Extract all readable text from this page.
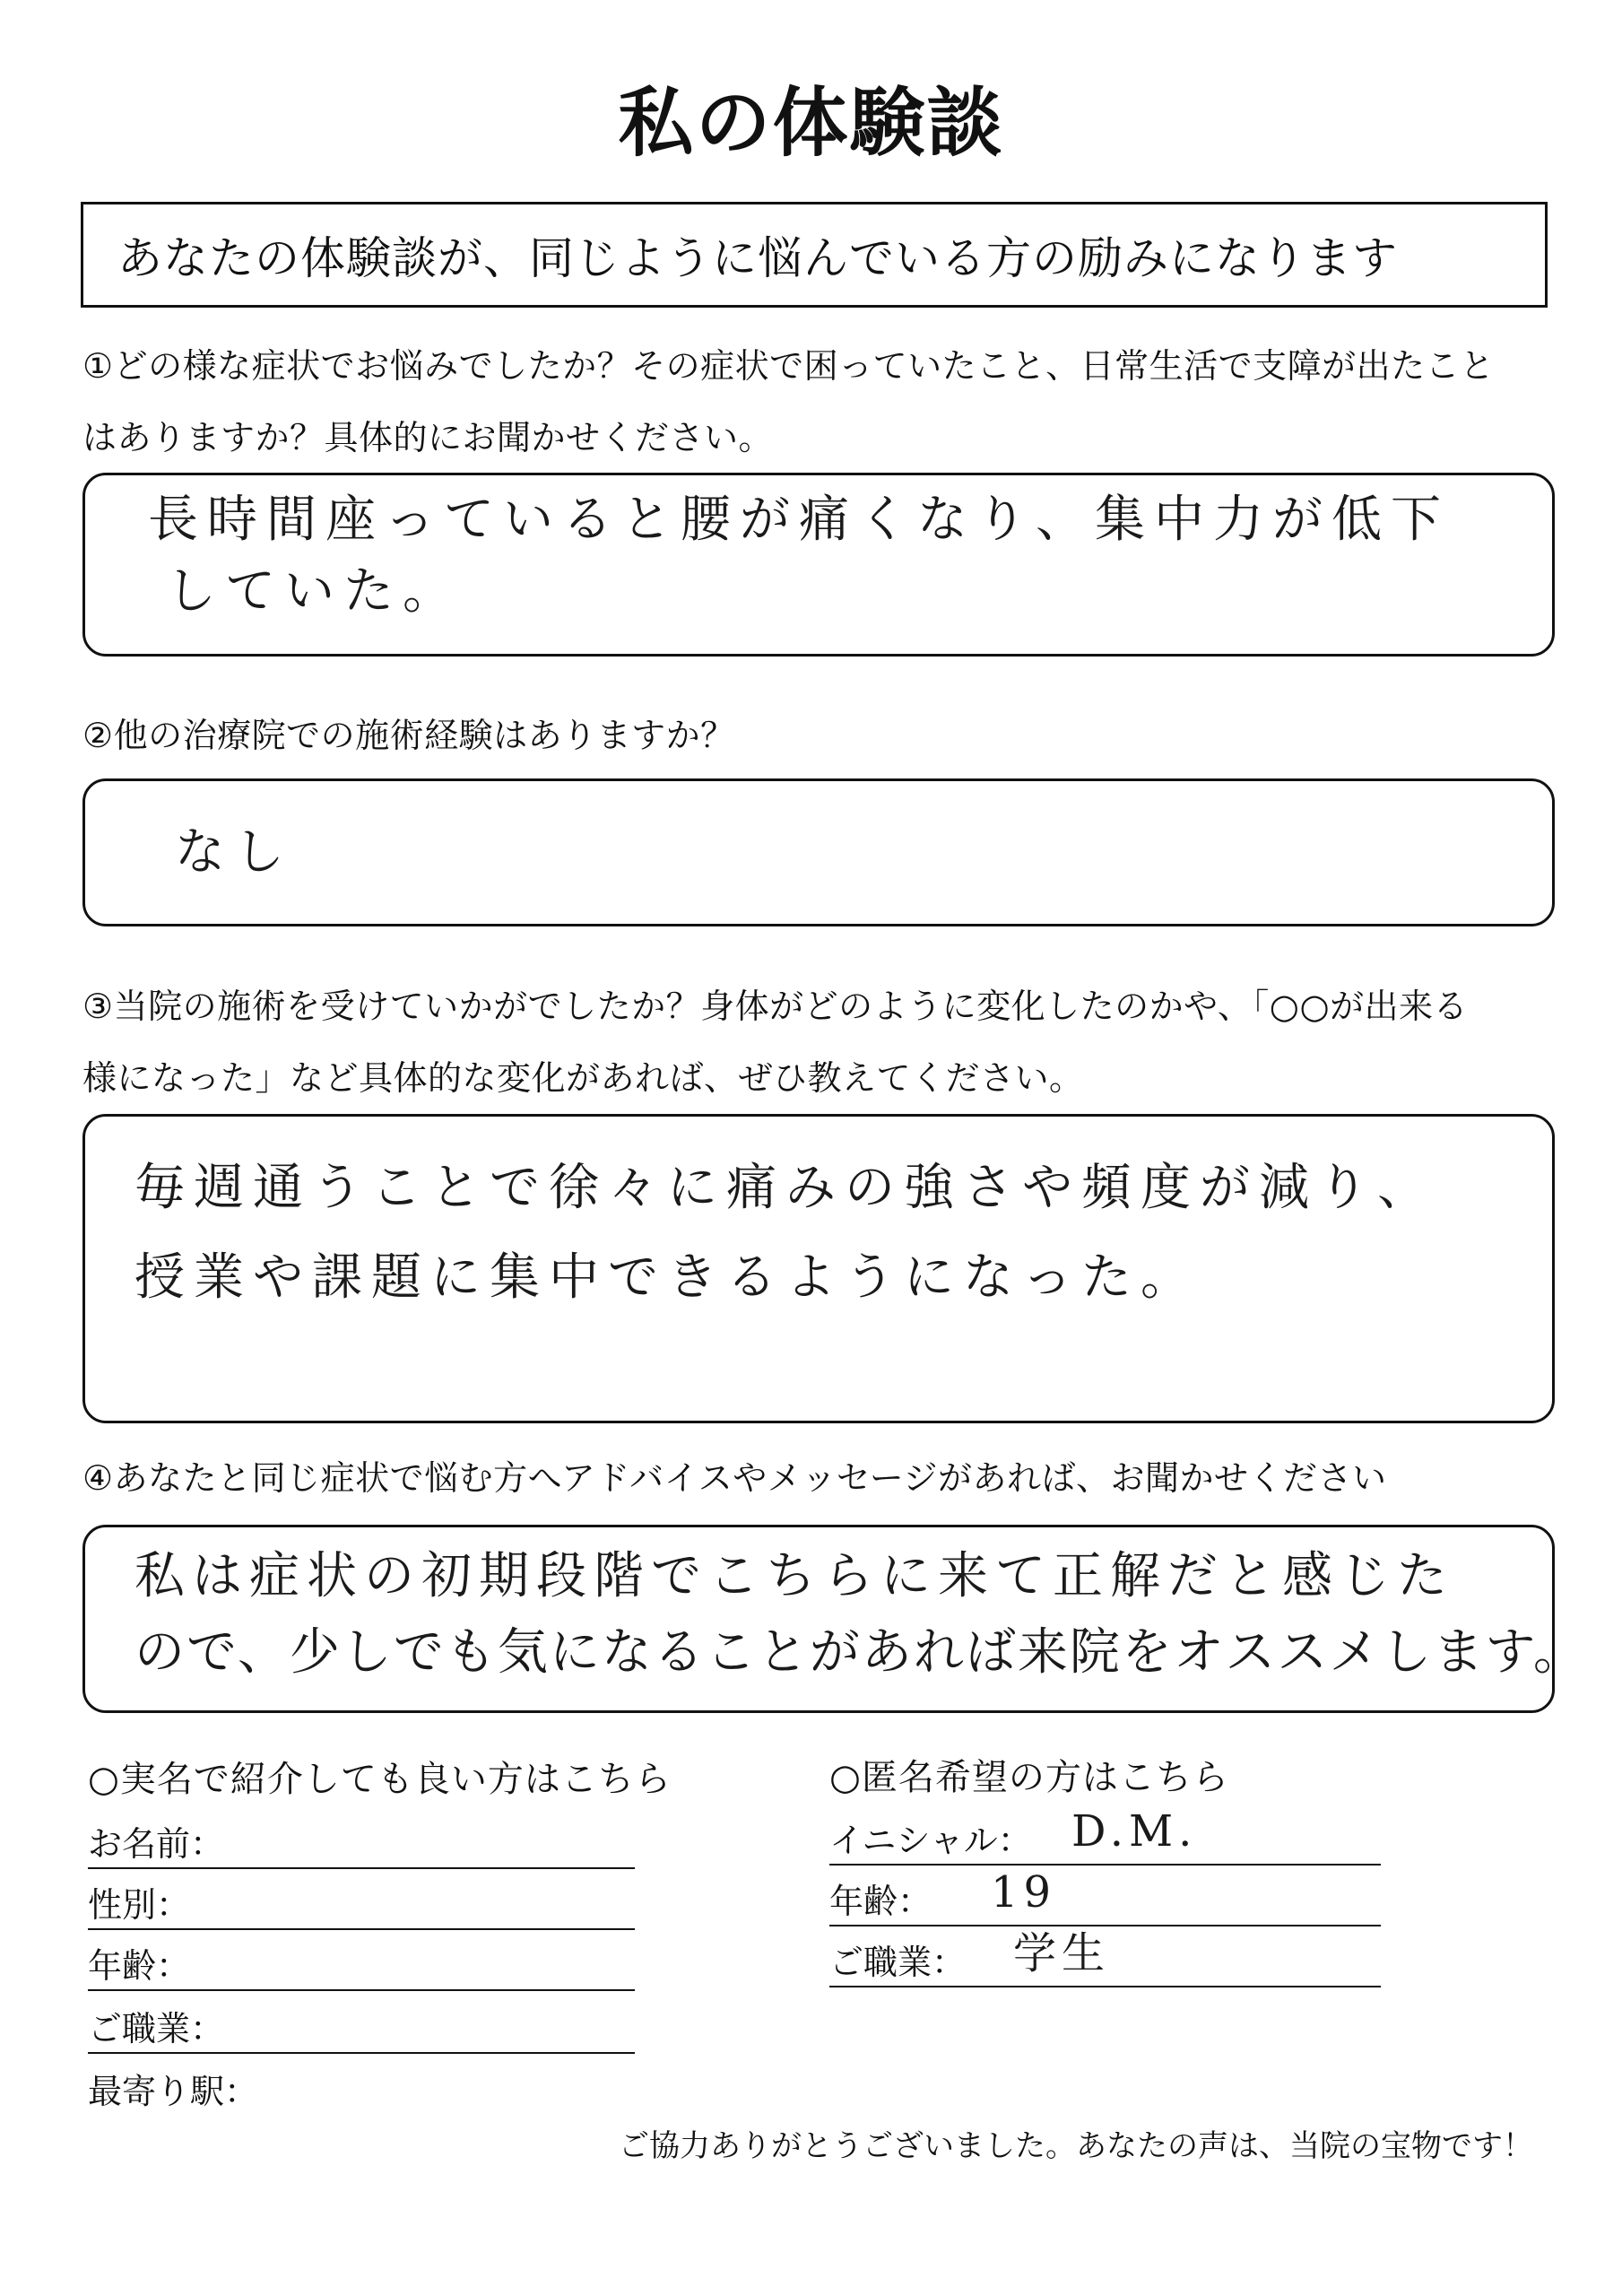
私の体験談
あなたの体験談が、同じように悩んでいる方の励みになります
①どの様な症状でお悩みでしたか？その症状で困っていたこと、日常生活で支障が出たこと
はありますか？具体的にお聞かせください。
長時間座っていると腰が痛くなり、集中力が低下
していた。
②他の治療院での施術経験はありますか？
なし
③当院の施術を受けていかがでしたか？身体がどのように変化したのかや、「○○が出来る
様になった」など具体的な変化があれば、ぜひ教えてください。
毎週通うことで徐々に痛みの強さや頻度が減り、
授業や課題に集中できるようになった。
④あなたと同じ症状で悩む方へアドバイスやメッセージがあれば、お聞かせください
私は症状の初期段階でこちらに来て正解だと感じた
ので、少しでも気になることがあれば来院をオススメします。
○実名で紹介しても良い方はこちら
お名前：
性別：
年齢：
ご職業：
最寄り駅：
○匿名希望の方はこちら
イニシャル： D.M.
年齢： 19
ご職業： 学生
ご協力ありがとうございました。あなたの声は、当院の宝物です！
